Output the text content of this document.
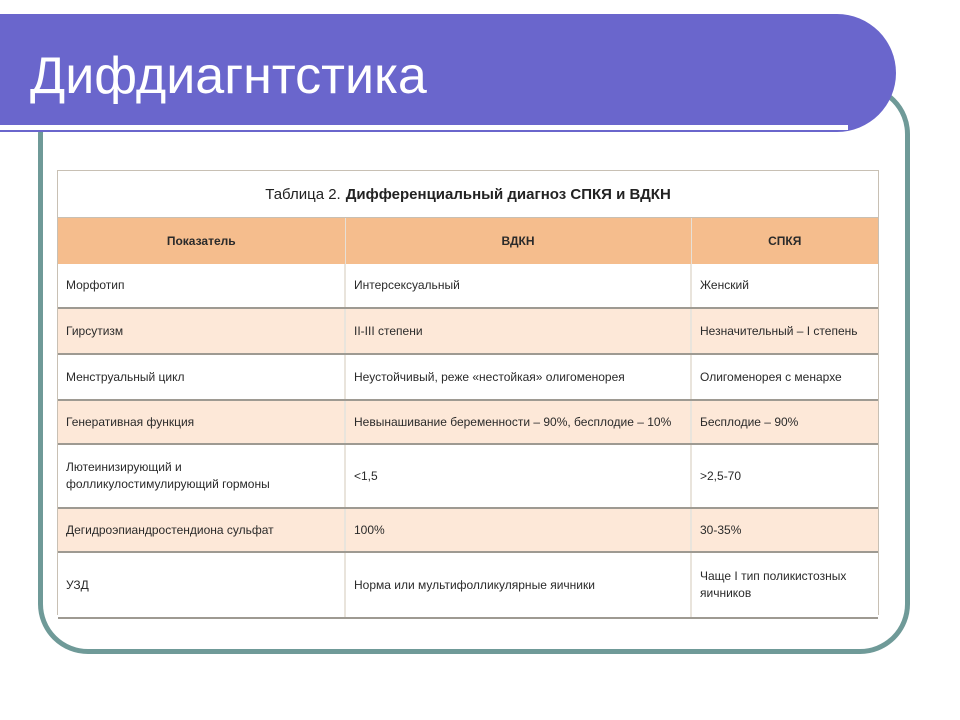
Дифдиагнтстика
Таблица 2. Дифференциальный диагноз СПКЯ и ВДКН
Показатель	ВДКН	СПКЯ
Морфотип	Интерсексуальный	Женский
Гирсутизм	II-III степени	Незначительный – I степень
Менструальный цикл	Неустойчивый, реже «нестойкая» олигоменорея	Олигоменорея с менархе
Генеративная функция	Невынашивание беременности – 90%, бесплодие – 10%	Бесплодие – 90%
Лютеинизирующий и фолликулостимулирующий гормоны	<1,5	>2,5-70
Дегидроэпиандростендиона сульфат	100%	30-35%
УЗД	Норма или мультифолликулярные яичники	Чаще I тип поликистозных яичников
